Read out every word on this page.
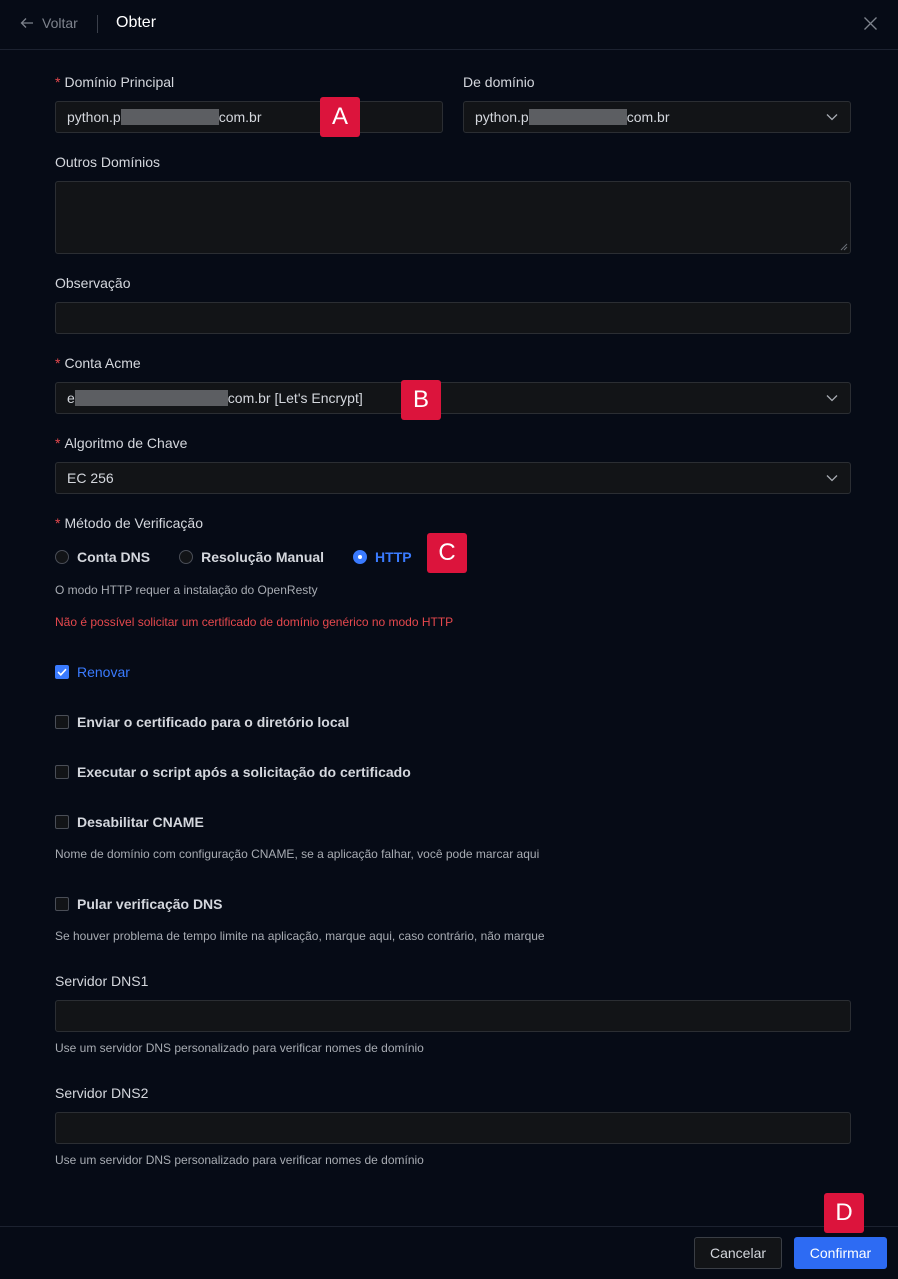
Voltar Obter
* Domínio Principal
python.p	com.br	A
De domínio
python.p	com.br
Outros Domínios
Observação
* Conta Acme
e	com.br [Let's Encrypt]	B
* Algoritmo de Chave
EC 256
* Método de Verificação
Conta DNS	Resolução Manual	HTTP	C
O modo HTTP requer a instalação do OpenResty
Não é possível solicitar um certificado de domínio genérico no modo HTTP
Renovar
Enviar o certificado para o diretório local
Executar o script após a solicitação do certificado
Desabilitar CNAME
Nome de domínio com configuração CNAME, se a aplicação falhar, você pode marcar aqui
Pular verificação DNS
Se houver problema de tempo limite na aplicação, marque aqui, caso contrário, não marque
Servidor DNS1
Use um servidor DNS personalizado para verificar nomes de domínio
Servidor DNS2
Use um servidor DNS personalizado para verificar nomes de domínio
D
Cancelar	Confirmar
